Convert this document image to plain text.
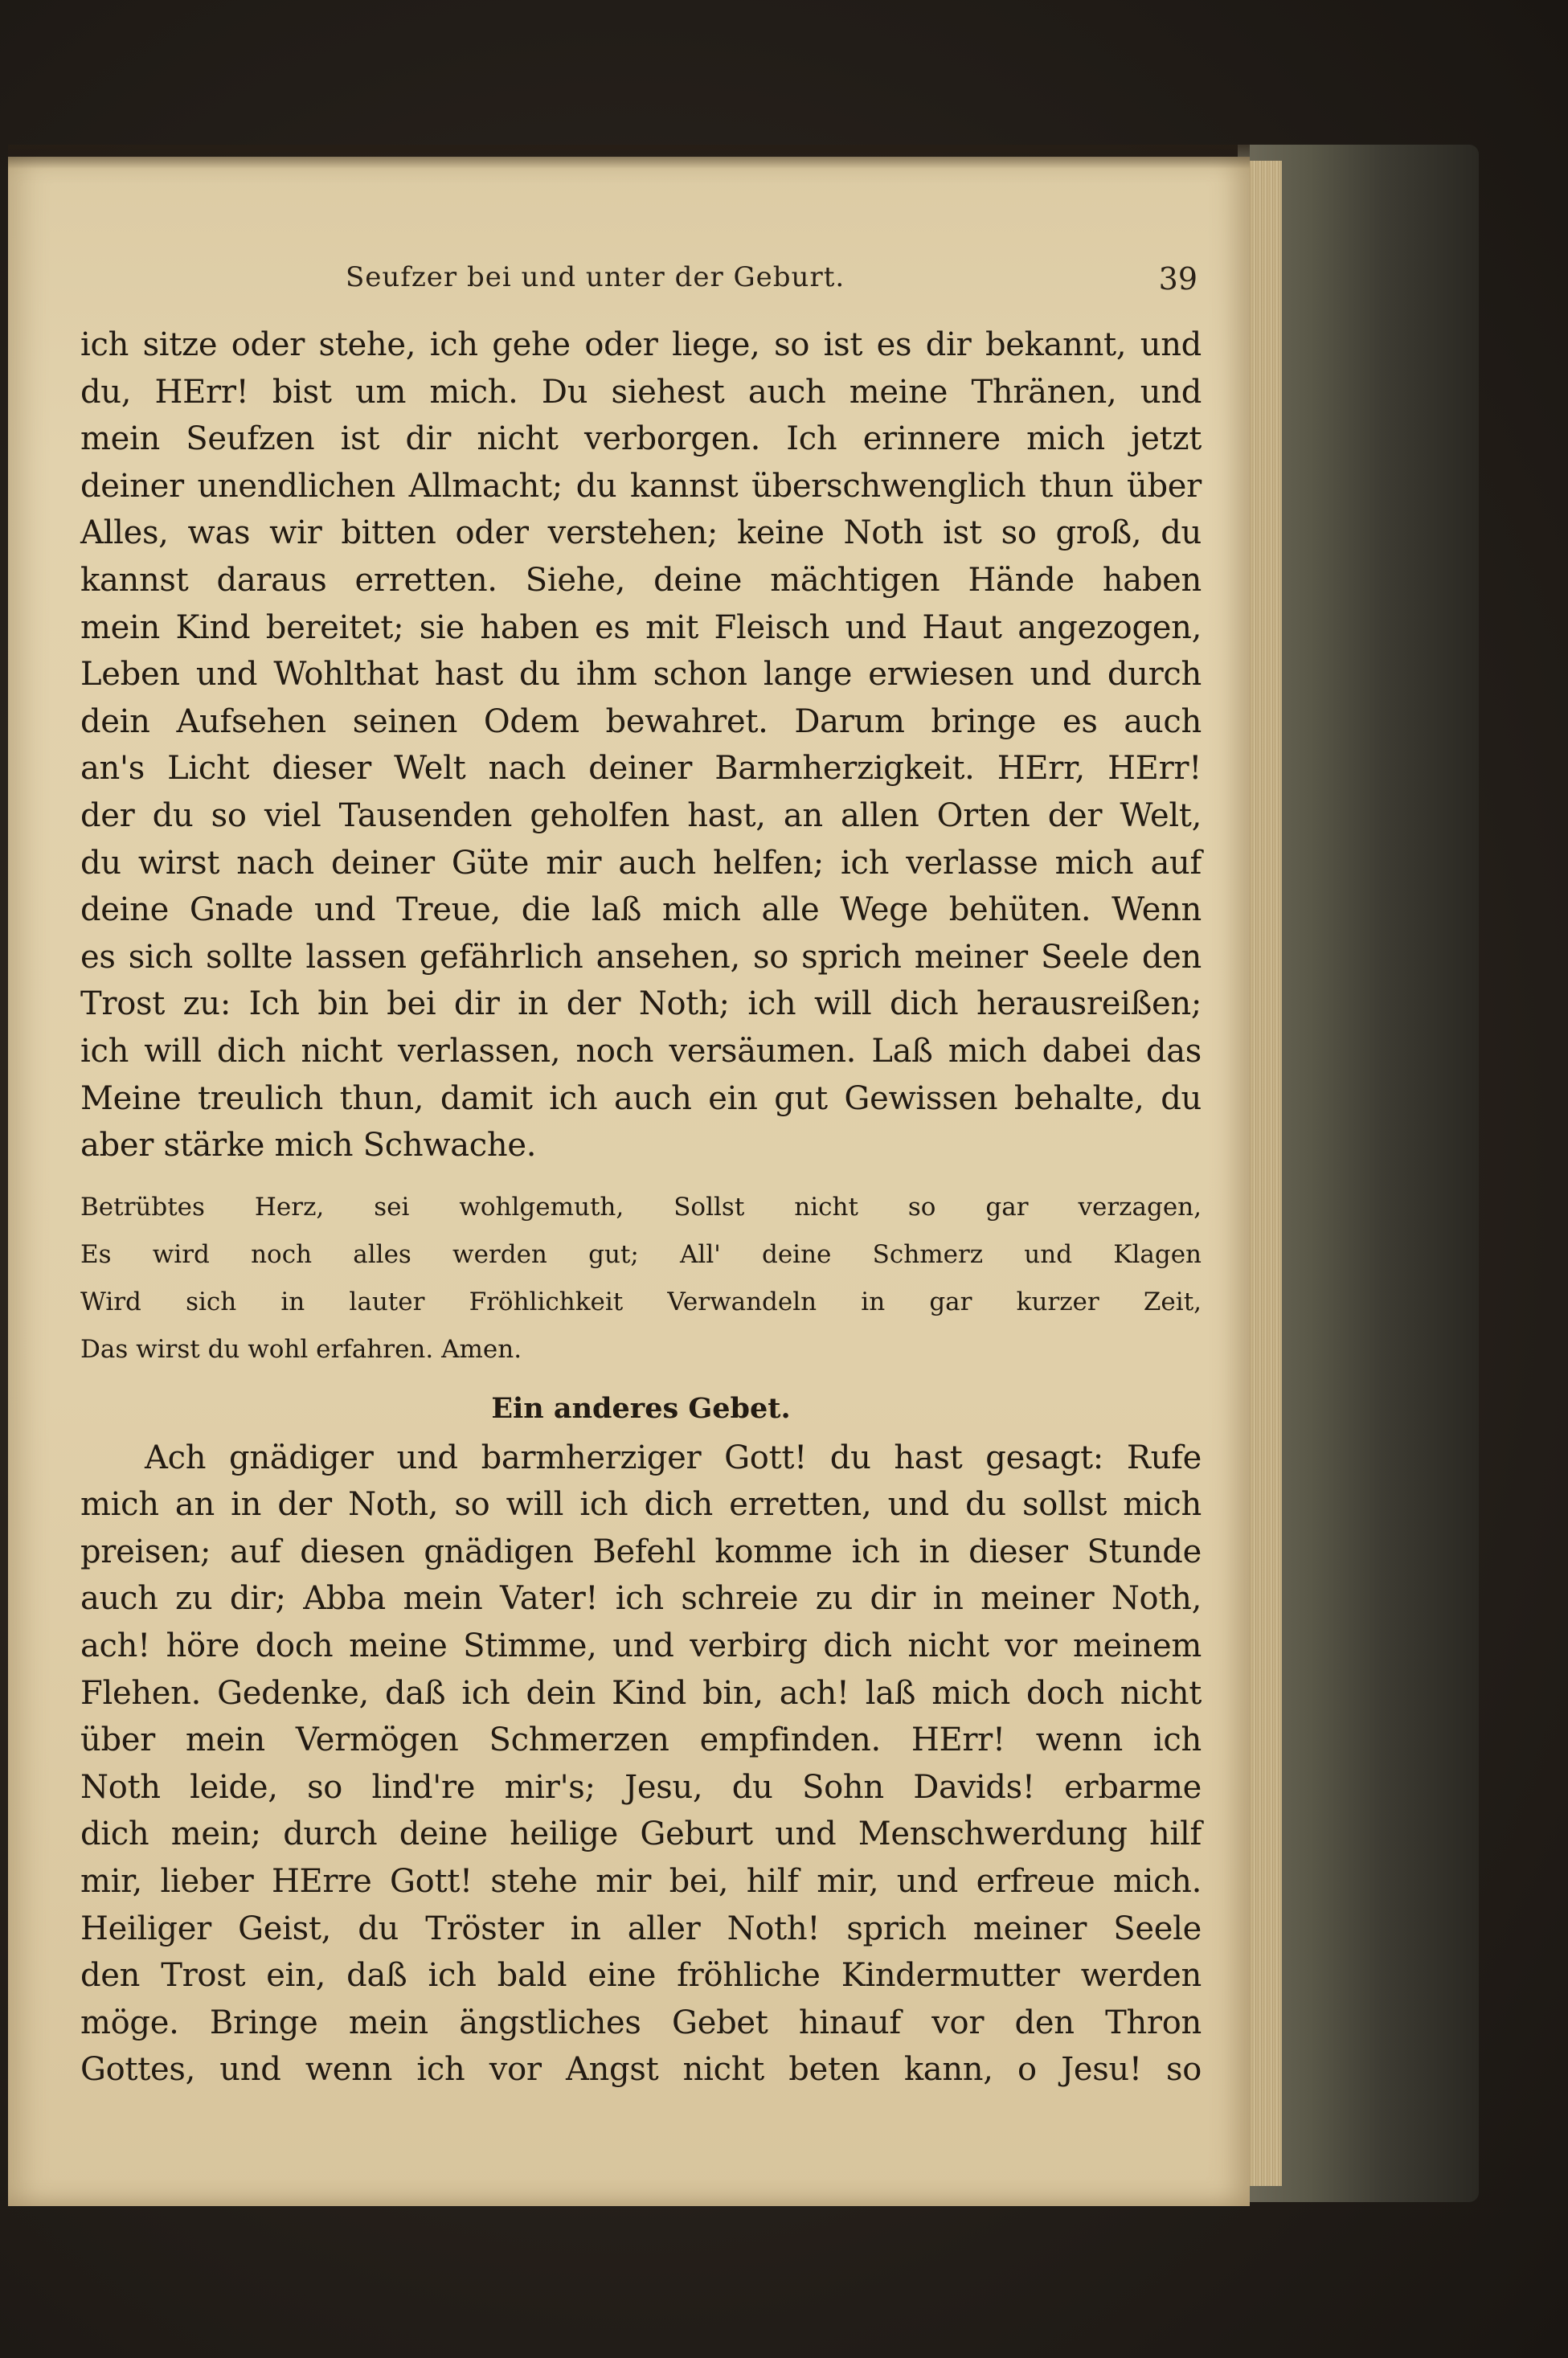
Seufzer bei und unter der Geburt.	39
ich sitze oder stehe, ich gehe oder liege, so ist es dir bekannt, und
du, HErr! bist um mich. Du siehest auch meine Thränen, und
mein Seufzen ist dir nicht verborgen. Ich erinnere mich jetzt
deiner unendlichen Allmacht; du kannst überschwenglich thun über
Alles, was wir bitten oder verstehen; keine Noth ist so groß, du
kannst daraus erretten. Siehe, deine mächtigen Hände haben
mein Kind bereitet; sie haben es mit Fleisch und Haut angezogen,
Leben und Wohlthat hast du ihm schon lange erwiesen und durch
dein Aufsehen seinen Odem bewahret. Darum bringe es auch
an's Licht dieser Welt nach deiner Barmherzigkeit. HErr, HErr!
der du so viel Tausenden geholfen hast, an allen Orten der Welt,
du wirst nach deiner Güte mir auch helfen; ich verlasse mich auf
deine Gnade und Treue, die laß mich alle Wege behüten. Wenn
es sich sollte lassen gefährlich ansehen, so sprich meiner Seele den
Trost zu: Ich bin bei dir in der Noth; ich will dich herausreißen;
ich will dich nicht verlassen, noch versäumen. Laß mich dabei das
Meine treulich thun, damit ich auch ein gut Gewissen behalte, du
aber stärke mich Schwache.
Betrübtes Herz, sei wohlgemuth, Sollst nicht so gar verzagen,
Es wird noch alles werden gut; All' deine Schmerz und Klagen
Wird sich in lauter Fröhlichkeit Verwandeln in gar kurzer Zeit,
Das wirst du wohl erfahren. Amen.
Ein anderes Gebet.
Ach gnädiger und barmherziger Gott! du hast gesagt: Rufe
mich an in der Noth, so will ich dich erretten, und du sollst mich
preisen; auf diesen gnädigen Befehl komme ich in dieser Stunde
auch zu dir; Abba mein Vater! ich schreie zu dir in meiner Noth,
ach! höre doch meine Stimme, und verbirg dich nicht vor meinem
Flehen. Gedenke, daß ich dein Kind bin, ach! laß mich doch nicht
über mein Vermögen Schmerzen empfinden. HErr! wenn ich
Noth leide, so lind're mir's; Jesu, du Sohn Davids! erbarme
dich mein; durch deine heilige Geburt und Menschwerdung hilf
mir, lieber HErre Gott! stehe mir bei, hilf mir, und erfreue mich.
Heiliger Geist, du Tröster in aller Noth! sprich meiner Seele
den Trost ein, daß ich bald eine fröhliche Kindermutter werden
möge. Bringe mein ängstliches Gebet hinauf vor den Thron
Gottes, und wenn ich vor Angst nicht beten kann, o Jesu! so
